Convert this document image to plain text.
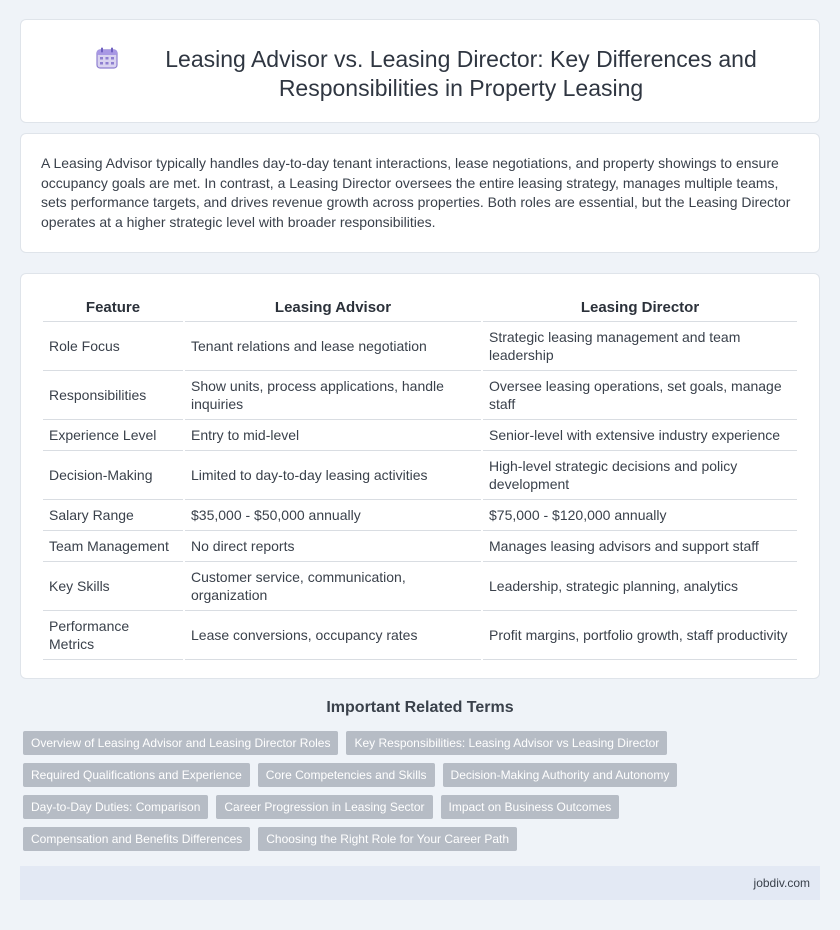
Leasing Advisor vs. Leasing Director: Key Differences and Responsibilities in Property Leasing

A Leasing Advisor typically handles day-to-day tenant interactions, lease negotiations, and property showings to ensure occupancy goals are met. In contrast, a Leasing Director oversees the entire leasing strategy, manages multiple teams, sets performance targets, and drives revenue growth across properties. Both roles are essential, but the Leasing Director operates at a higher strategic level with broader responsibilities.

Feature	Leasing Advisor	Leasing Director
Role Focus	Tenant relations and lease negotiation	Strategic leasing management and team leadership
Responsibilities	Show units, process applications, handle inquiries	Oversee leasing operations, set goals, manage staff
Experience Level	Entry to mid-level	Senior-level with extensive industry experience
Decision-Making	Limited to day-to-day leasing activities	High-level strategic decisions and policy development
Salary Range	$35,000 - $50,000 annually	$75,000 - $120,000 annually
Team Management	No direct reports	Manages leasing advisors and support staff
Key Skills	Customer service, communication, organization	Leadership, strategic planning, analytics
Performance Metrics	Lease conversions, occupancy rates	Profit margins, portfolio growth, staff productivity
Important Related Terms
Overview of Leasing Advisor and Leasing Director Roles	Key Responsibilities: Leasing Advisor vs Leasing Director
Required Qualifications and Experience	Core Competencies and Skills	Decision-Making Authority and Autonomy
Day-to-Day Duties: Comparison	Career Progression in Leasing Sector	Impact on Business Outcomes
Compensation and Benefits Differences	Choosing the Right Role for Your Career Path
jobdiv.com
